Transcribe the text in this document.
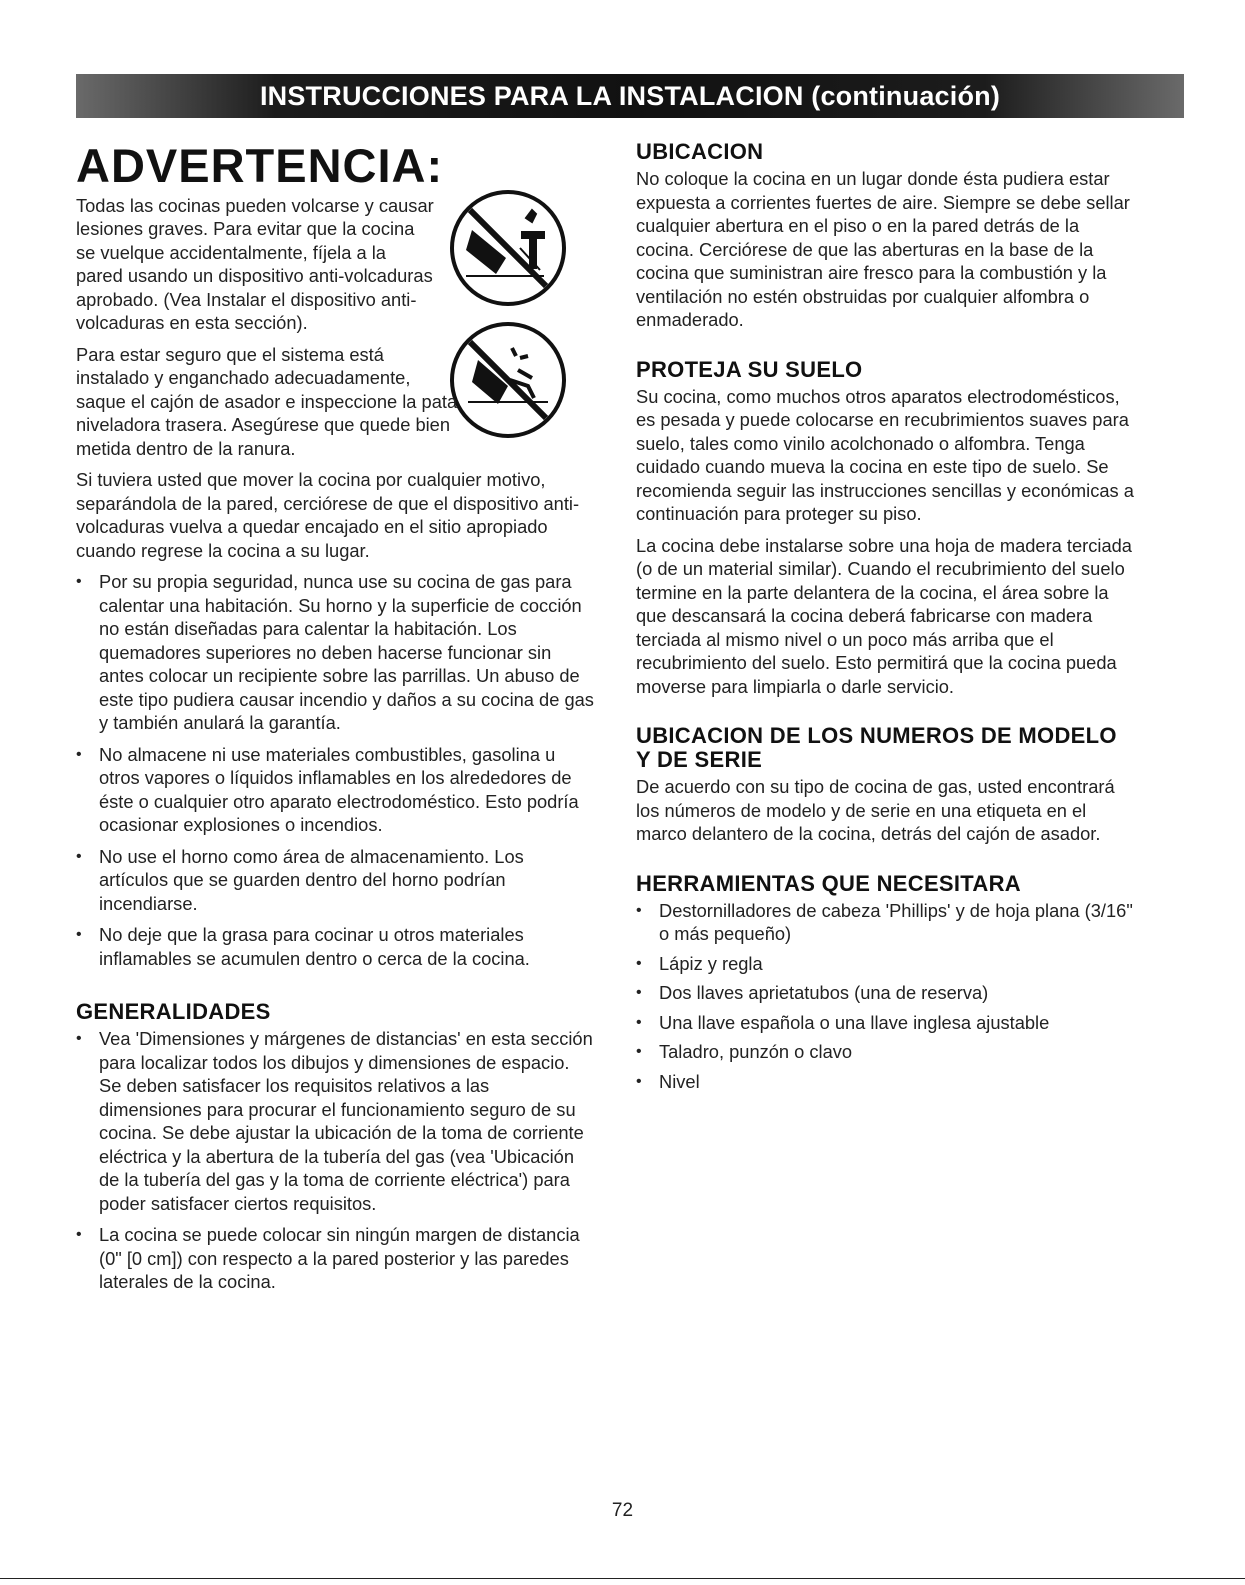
INSTRUCCIONES PARA LA INSTALACION (continuación)
ADVERTENCIA:

Todas las cocinas pueden volcarse y causar lesiones graves. Para evitar que la cocina se vuelque accidentalmente, fíjela a la pared usando un dispositivo anti-volcaduras aprobado. (Vea Instalar el dispositivo anti-volcaduras en esta sección).

Para estar seguro que el sistema está instalado y enganchado adecuadamente, saque el cajón de asador e inspeccione la pata niveladora trasera. Asegúrese que quede bien metida dentro de la ranura.

Si tuviera usted que mover la cocina por cualquier motivo, separándola de la pared, cerciórese de que el dispositivo anti-volcaduras vuelva a quedar encajado en el sitio apropiado cuando regrese la cocina a su lugar.

• Por su propia seguridad, nunca use su cocina de gas para calentar una habitación. Su horno y la superficie de cocción no están diseñadas para calentar la habitación. Los quemadores superiores no deben hacerse funcionar sin antes colocar un recipiente sobre las parrillas. Un abuso de este tipo pudiera causar incendio y daños a su cocina de gas y también anulará la garantía.
• No almacene ni use materiales combustibles, gasolina u otros vapores o líquidos inflamables en los alrededores de éste o cualquier otro aparato electrodoméstico. Esto podría ocasionar explosiones o incendios.
• No use el horno como área de almacenamiento. Los artículos que se guarden dentro del horno podrían incendiarse.
• No deje que la grasa para cocinar u otros materiales inflamables se acumulen dentro o cerca de la cocina.
GENERALIDADES
• Vea 'Dimensiones y márgenes de distancias' en esta sección para localizar todos los dibujos y dimensiones de espacio. Se deben satisfacer los requisitos relativos a las dimensiones para procurar el funcionamiento seguro de su cocina. Se debe ajustar la ubicación de la toma de corriente eléctrica y la abertura de la tubería del gas (vea 'Ubicación de la tubería del gas y la toma de corriente eléctrica') para poder satisfacer ciertos requisitos.
• La cocina se puede colocar sin ningún margen de distancia (0" [0 cm]) con respecto a la pared posterior y las paredes laterales de la cocina.
UBICACION

No coloque la cocina en un lugar donde ésta pudiera estar expuesta a corrientes fuertes de aire. Siempre se debe sellar cualquier abertura en el piso o en la pared detrás de la cocina. Cerciórese de que las aberturas en la base de la cocina que suministran aire fresco para la combustión y la ventilación no estén obstruidas por cualquier alfombra o enmaderado.

PROTEJA SU SUELO

Su cocina, como muchos otros aparatos electrodomésticos, es pesada y puede colocarse en recubrimientos suaves para suelo, tales como vinilo acolchonado o alfombra. Tenga cuidado cuando mueva la cocina en este tipo de suelo. Se recomienda seguir las instrucciones sencillas y económicas a continuación para proteger su piso.

La cocina debe instalarse sobre una hoja de madera terciada (o de un material similar). Cuando el recubrimiento del suelo termine en la parte delantera de la cocina, el área sobre la que descansará la cocina deberá fabricarse con madera terciada al mismo nivel o un poco más arriba que el recubrimiento del suelo. Esto permitirá que la cocina pueda moverse para limpiarla o darle servicio.

UBICACION DE LOS NUMEROS DE MODELO Y DE SERIE

De acuerdo con su tipo de cocina de gas, usted encontrará los números de modelo y de serie en una etiqueta en el marco delantero de la cocina, detrás del cajón de asador.

HERRAMIENTAS QUE NECESITARA
• Destornilladores de cabeza 'Phillips' y de hoja plana (3/16" o más pequeño)
• Lápiz y regla
• Dos llaves aprietatubos (una de reserva)
• Una llave española o una llave inglesa ajustable
• Taladro, punzón o clavo
• Nivel
72
